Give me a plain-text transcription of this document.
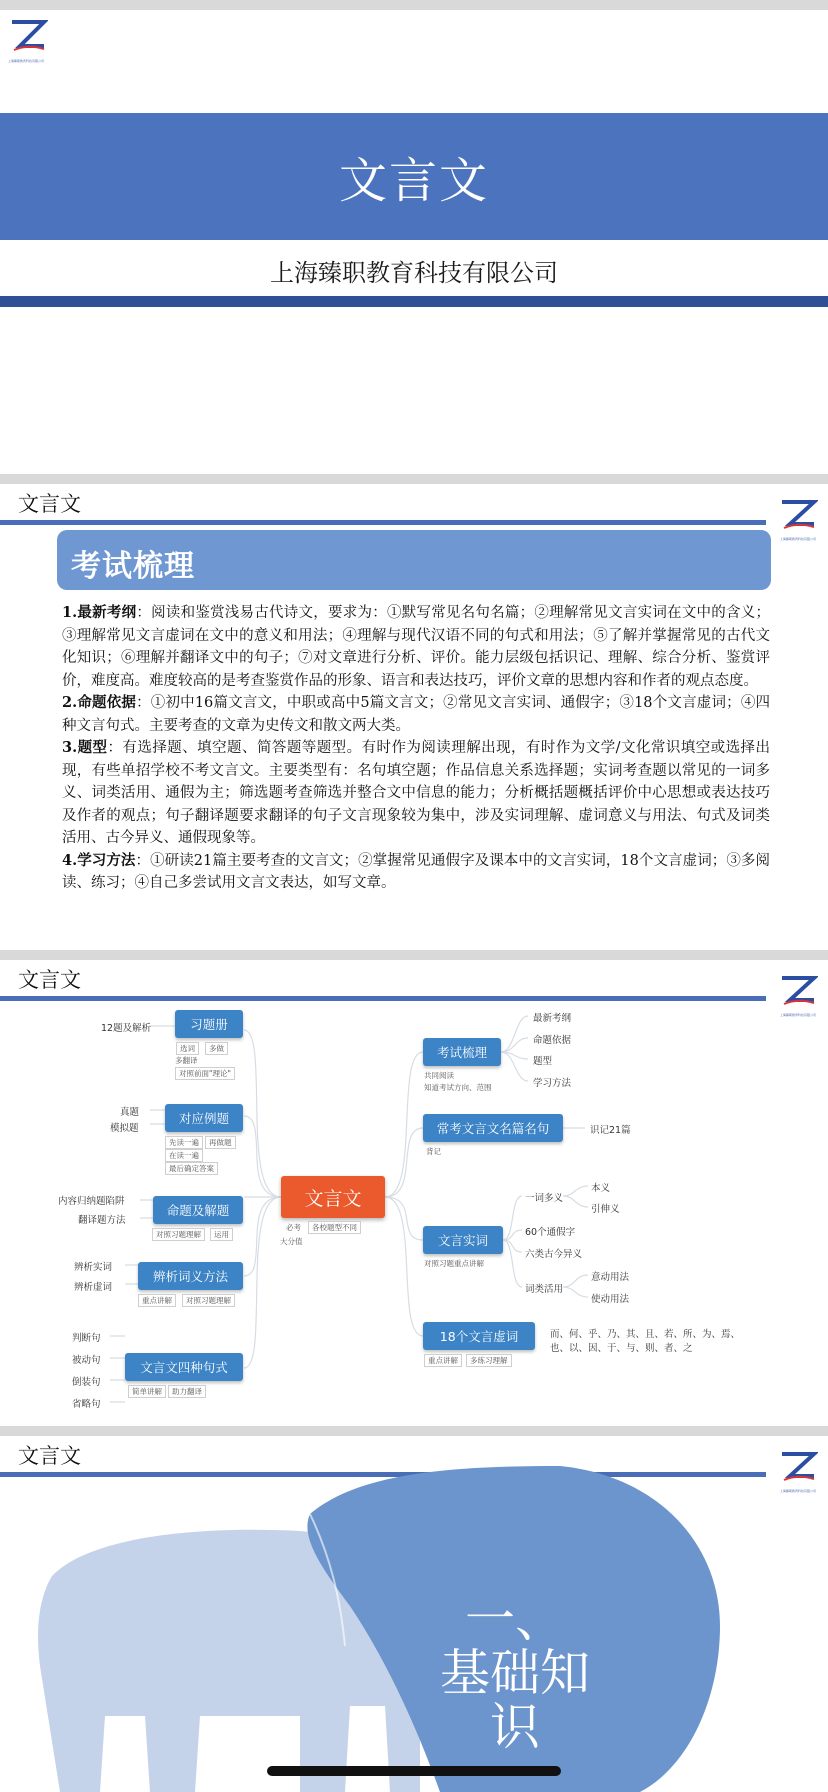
上海臻职教育科技有限公司
文言文
上海臻职教育科技有限公司
文言文
上海臻职教育科技有限公司
考试梳理

1.最新考纲：阅读和鉴赏浅易古代诗文，要求为：①默写常见名句名篇；②理解常见文言实词在文中的含义；③理解常见文言虚词在文中的意义和用法；④理解与现代汉语不同的句式和用法；⑤了解并掌握常见的古代文化知识；⑥理解并翻译文中的句子；⑦对文章进行分析、评价。能力层级包括识记、理解、综合分析、鉴赏评价，难度高。难度较高的是考查鉴赏作品的形象、语言和表达技巧，评价文章的思想内容和作者的观点态度。

2.命题依据：①初中16篇文言文，中职或高中5篇文言文；②常见文言实词、通假字；③18个文言虚词；④四种文言句式。主要考查的文章为史传文和散文两大类。

3.题型：有选择题、填空题、简答题等题型。有时作为阅读理解出现，有时作为文学/文化常识填空或选择出现，有些单招学校不考文言文。主要类型有：名句填空题；作品信息关系选择题；实词考查题以常见的一词多义、词类活用、通假为主；筛选题考查筛选并整合文中信息的能力；分析概括题概括评价中心思想或表达技巧及作者的观点；句子翻译题要求翻译的句子文言现象较为集中，涉及实词理解、虚词意义与用法、句式及词类活用、古今异义、通假现象等。

4.学习方法：①研读21篇主要考查的文言文；②掌握常见通假字及课本中的文言实词，18个文言虚词；③多阅读、练习；④自己多尝试用文言文表达，如写文章。

文言文
上海臻职教育科技有限公司
文言文
必考	各校题型不同
大分值
习题册
选词	多做
多翻译
对照前面"理论"
12题及解析
对应例题
先读一遍	再做题
在读一遍
最后确定答案
真题
模拟题
命题及解题
对照习题理解	运用
内容归纳题陷阱
翻译题方法
辨析词义方法
重点讲解	对照习题理解
辨析实词
辨析虚词
文言文四种句式
简单讲解	助力翻译
判断句
被动句
倒装句
省略句
考试梳理
共同阅读
知道考试方向、范围
最新考纲
命题依据
题型
学习方法
常考文言文名篇名句
背记
识记21篇
文言实词
对照习题重点讲解
一词多义
本义
引伸义
60个通假字
六类古今异义
词类活用
意动用法
使动用法
18个文言虚词
重点讲解	多练习理解
而、何、乎、乃、其、且、若、所、为、焉、
也、以、因、于、与、则、者、之
文言文
上海臻职教育科技有限公司
一、
基础知
识
